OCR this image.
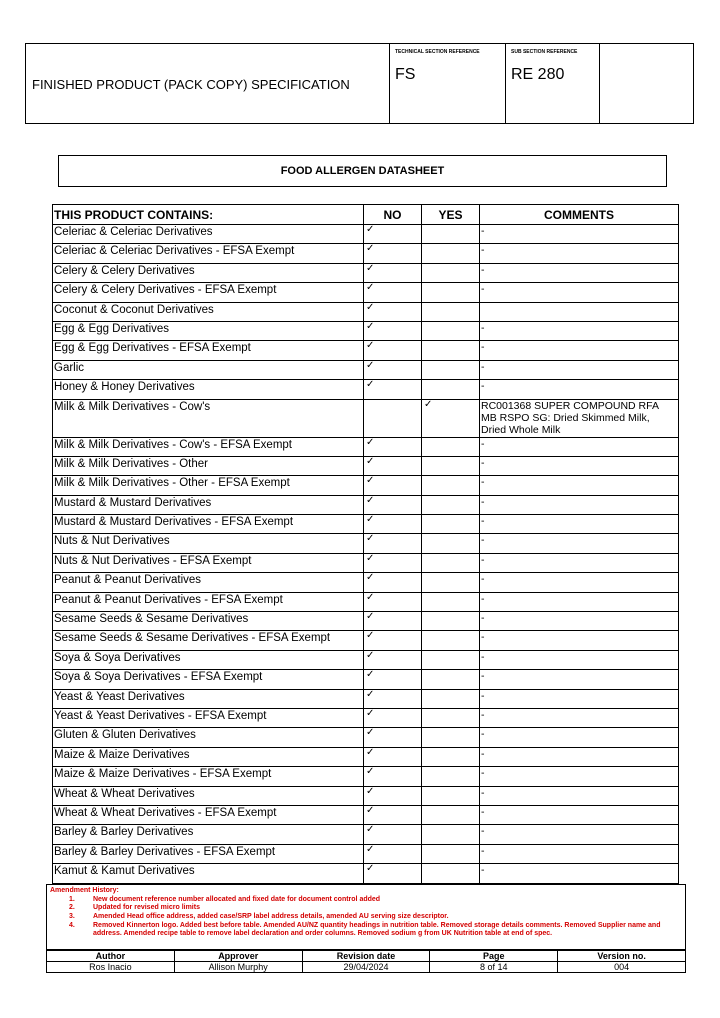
FINISHED PRODUCT (PACK COPY) SPECIFICATION
TECHNICAL SECTION REFERENCE
FS
SUB SECTION REFERENCE
RE 280
FOOD ALLERGEN DATASHEET
THIS PRODUCT CONTAINS:	NO	YES	COMMENTS
Celeriac & Celeriac Derivatives	✓		-
Celeriac & Celeriac Derivatives - EFSA Exempt	✓		-
Celery & Celery Derivatives	✓		-
Celery & Celery Derivatives - EFSA Exempt	✓		-
Coconut & Coconut Derivatives	✓		
Egg & Egg Derivatives	✓		-
Egg & Egg Derivatives - EFSA Exempt	✓		-
Garlic	✓		-
Honey & Honey Derivatives	✓		-
Milk & Milk Derivatives - Cow's		✓	RC001368 SUPER COMPOUND RFA MB RSPO SG: Dried Skimmed Milk, Dried Whole Milk
Milk & Milk Derivatives - Cow's - EFSA Exempt	✓		-
Milk & Milk Derivatives - Other	✓		-
Milk & Milk Derivatives - Other - EFSA Exempt	✓		-
Mustard & Mustard Derivatives	✓		-
Mustard & Mustard Derivatives - EFSA Exempt	✓		-
Nuts & Nut Derivatives	✓		-
Nuts & Nut Derivatives - EFSA Exempt	✓		-
Peanut & Peanut Derivatives	✓		-
Peanut & Peanut Derivatives - EFSA Exempt	✓		-
Sesame Seeds & Sesame Derivatives	✓		-
Sesame Seeds & Sesame Derivatives - EFSA Exempt	✓		-
Soya & Soya Derivatives	✓		-
Soya & Soya Derivatives - EFSA Exempt	✓		-
Yeast & Yeast Derivatives	✓		-
Yeast & Yeast Derivatives - EFSA Exempt	✓		-
Gluten & Gluten Derivatives	✓		-
Maize & Maize Derivatives	✓		-
Maize & Maize Derivatives - EFSA Exempt	✓		-
Wheat & Wheat Derivatives	✓		-
Wheat & Wheat Derivatives - EFSA Exempt	✓		-
Barley & Barley Derivatives	✓		-
Barley & Barley Derivatives - EFSA Exempt	✓		-
Kamut & Kamut Derivatives	✓		-
Amendment History:
1.	New document reference number allocated and fixed date for document control added
2.	Updated for revised micro limits
3.	Amended Head office address, added case/SRP label address details, amended AU serving size descriptor.
4.	Removed Kinnerton logo. Added best before table. Amended AU/NZ quantity headings in nutrition table. Removed storage details comments. Removed Supplier name and address. Amended recipe table to remove label declaration and order columns. Removed sodium g from UK Nutrition table at end of spec.
Author	Approver	Revision date	Page	Version no.
Ros Inacio	Allison Murphy	29/04/2024	8 of 14	004
